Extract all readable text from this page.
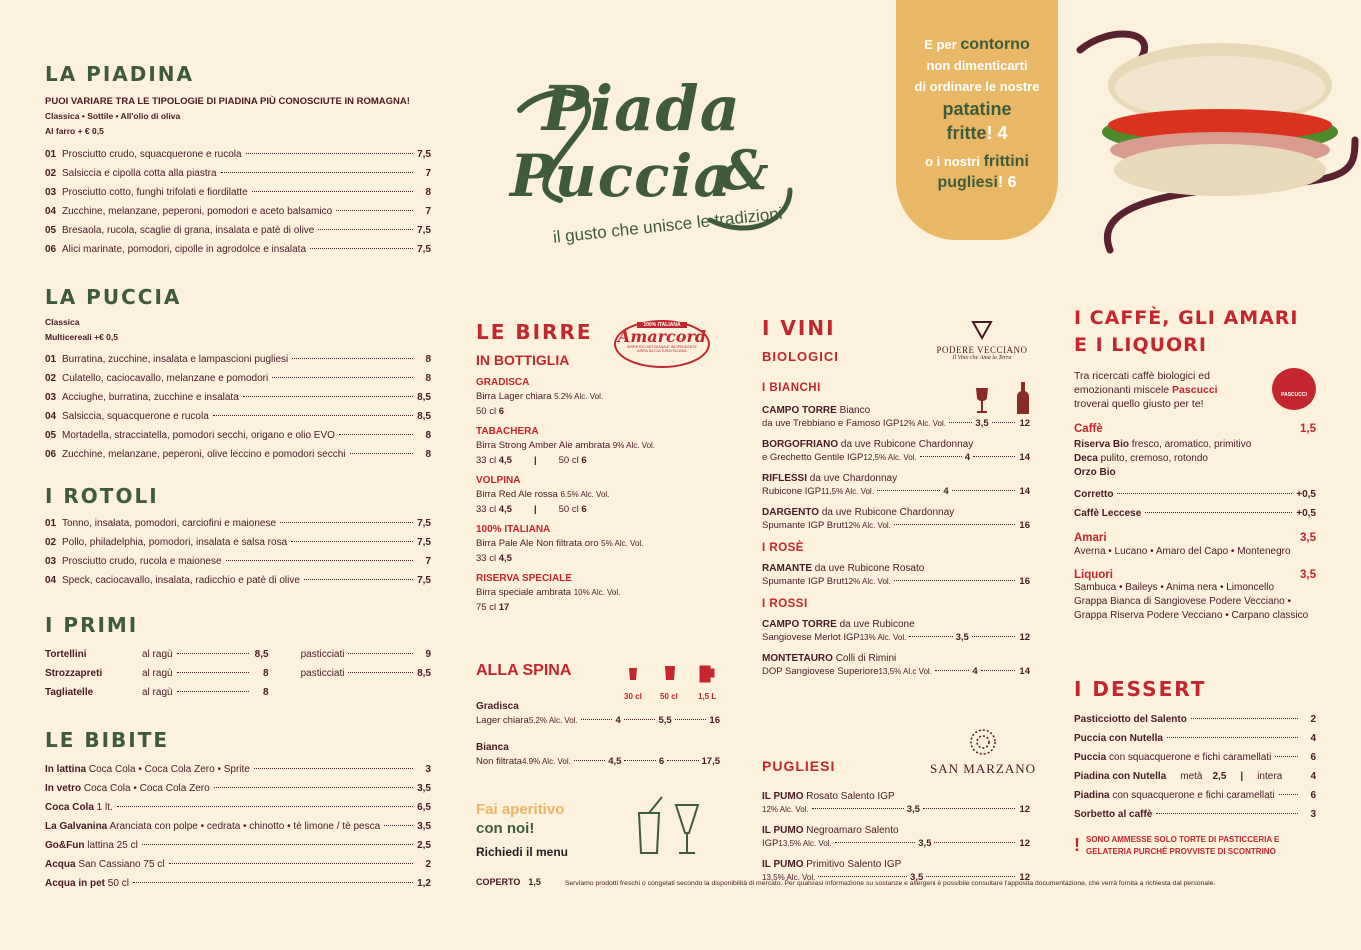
LA PIADINA
PUOI VARIARE TRA LE TIPOLOGIE DI PIADINA PIÙ CONOSCIUTE IN ROMAGNA!
Classica • Sottile • All'olio di oliva
Al farro + € 0,5
01 Prosciutto crudo, squacquerone e rucola	7,5
02 Salsiccia e cipolla cotta alla piastra	7
03 Prosciutto cotto, funghi trifolati e fiordilatte	8
04 Zucchine, melanzane, peperoni, pomodori e aceto balsamico	7
05 Bresaola, rucola, scaglie di grana, insalata e patè di olive	7,5
06 Alici marinate, pomodori, cipolle in agrodolce e insalata	7,5
LA PUCCIA
Classica
Multicereali +€ 0,5
01 Burratina, zucchine, insalata e lampascioni pugliesi	8
02 Culatello, caciocavallo, melanzane e pomodori	8
03 Acciughe, burratina, zucchine e insalata	8,5
04 Salsiccia, squacquerone e rucola	8,5
05 Mortadella, stracciatella, pomodori secchi, origano e olio EVO	8
06 Zucchine, melanzane, peperoni, olive leccino e pomodori secchi	8
I ROTOLI
01 Tonno, insalata, pomodori, carciofini e maionese	7,5
02 Pollo, philadelphia, pomodori, insalata e salsa rosa	7,5
03 Prosciutto crudo, rucola e maionese	7
04 Speck, caciocavallo, insalata, radicchio e patè di olive	7,5
I PRIMI
Tortellini	al ragù	8,5	pasticciati	9
Strozzapreti	al ragù	8	pasticciati	8,5
Tagliatelle	al ragù	8
LE BIBITE
In lattina Coca Cola • Coca Cola Zero • Sprite	3
In vetro Coca Cola • Coca Cola Zero	3,5
Coca Cola 1 lt.	6,5
La Galvanina Aranciata con polpe • cedrata • chinotto • tè limone / tè pesca	3,5
Go&Fun lattina 25 cl	2,5
Acqua San Cassiano 75 cl	2
Acqua in pet 50 cl	1,2
Piada
Puccia
&
il gusto che unisce le tradizioni
E per contorno
non dimenticarti
di ordinare le nostre
patatine
fritte! 4
o i nostri frittini
pugliesi! 6
LE BIRRE
IN BOTTIGLIA
GRADISCA
Birra Lager chiara 5.2% Alc. Vol.
50 cl 6
TABACHERA
Birra Strong Amber Ale ambrata 9% Alc. Vol.
33 cl 4,5 | 50 cl 6
VOLPINA
Birra Red Ale rossa 6.5% Alc. Vol.
33 cl 4,5 | 50 cl 6
100% ITALIANA
Birra Pale Ale Non filtrata oro 5% Alc. Vol.
33 cl 4,5
RISERVA SPECIALE
Birra speciale ambrata 10% Alc. Vol.
75 cl 17
100% ITALIANA
Amarcord
BIRRIFICIO ARTIGIANALE INDIPENDENTE
BIRRA DA CULTURA ITALIANA
ALLA SPINA
30 cl 50 cl	1,5 L
Gradisca
Lager chiara 5.2% Alc. Vol.	4	5,5	16
Bianca
Non filtrata 4.9% Alc. Vol.	4,5	6	17,5
Fai aperitivo
con noi!
Richiedi il menu
COPERTO 1,5	Serviamo prodotti freschi o congelati secondo la disponibilità di mercato. Per qualsiasi informazione su sostanze e allergeni è possibile consultare l'apposita documentazione, che verrà fornita a richiesta dal personale.
I VINI
BIOLOGICI
I BIANCHI
CAMPO TORRE Bianco
da uve Trebbiano e Famoso IGP 12% Alc. Vol.	3,5	12
BORGOFRIANO da uve Rubicone Chardonnay
e Grechetto Gentile IGP 12,5% Alc. Vol.	4	14
RIFLESSI da uve Chardonnay
Rubicone IGP 11,5% Alc. Vol.	4	14
DARGENTO da uve Rubicone Chardonnay
Spumante IGP Brut 12% Alc. Vol.	16
I ROSÈ
RAMANTE da uve Rubicone Rosato
Spumante IGP Brut 12% Alc. Vol.	16
I ROSSI
CAMPO TORRE da uve Rubicone
Sangiovese Merlot IGP 13% Alc. Vol.	3,5	12
MONTETAURO Colli di Rimini
DOP Sangiovese Superiore 13,5% Al.c Vol.	4	14
PODERE VECCIANO
Il Vino che Ama la Terra
PUGLIESI
IL PUMO Rosato Salento IGP
12% Alc. Vol.	3,5	12
IL PUMO Negroamaro Salento
IGP 13,5% Alc. Vol.	3,5	12
IL PUMO Primitivo Salento IGP
13,5% Alc. Vol.	3,5	12
SAN MARZANO
I CAFFÈ, GLI AMARI
E I LIQUORI
Tra ricercati caffè biologici ed
emozionanti miscele Pascucci
troverai quello giusto per te!
Caffè	1,5
Riserva Bio fresco, aromatico, primitivo
Deca pulito, cremoso, rotondo
Orzo Bio
Corretto	+0,5
Caffè Leccese	+0,5
Amari	3,5
Averna • Lucano • Amaro del Capo • Montenegro
Liquori	3,5
Sambuca • Baileys • Anima nera • Limoncello
Grappa Bianca di Sangiovese Podere Vecciano •
Grappa Riserva Podere Vecciano • Carpano classico
PASCUCCI
I DESSERT
Pasticciotto del Salento	2
Puccia con Nutella	4
Puccia con squacquerone e fichi caramellati	6
Piadina con Nutella metà 2,5 | intera	4
Piadina con squacquerone e fichi caramellati	6
Sorbetto al caffè	3
! SONO AMMESSE SOLO TORTE DI PASTICCERIA E
GELATERIA PURCHÉ PROVVISTE DI SCONTRINO
